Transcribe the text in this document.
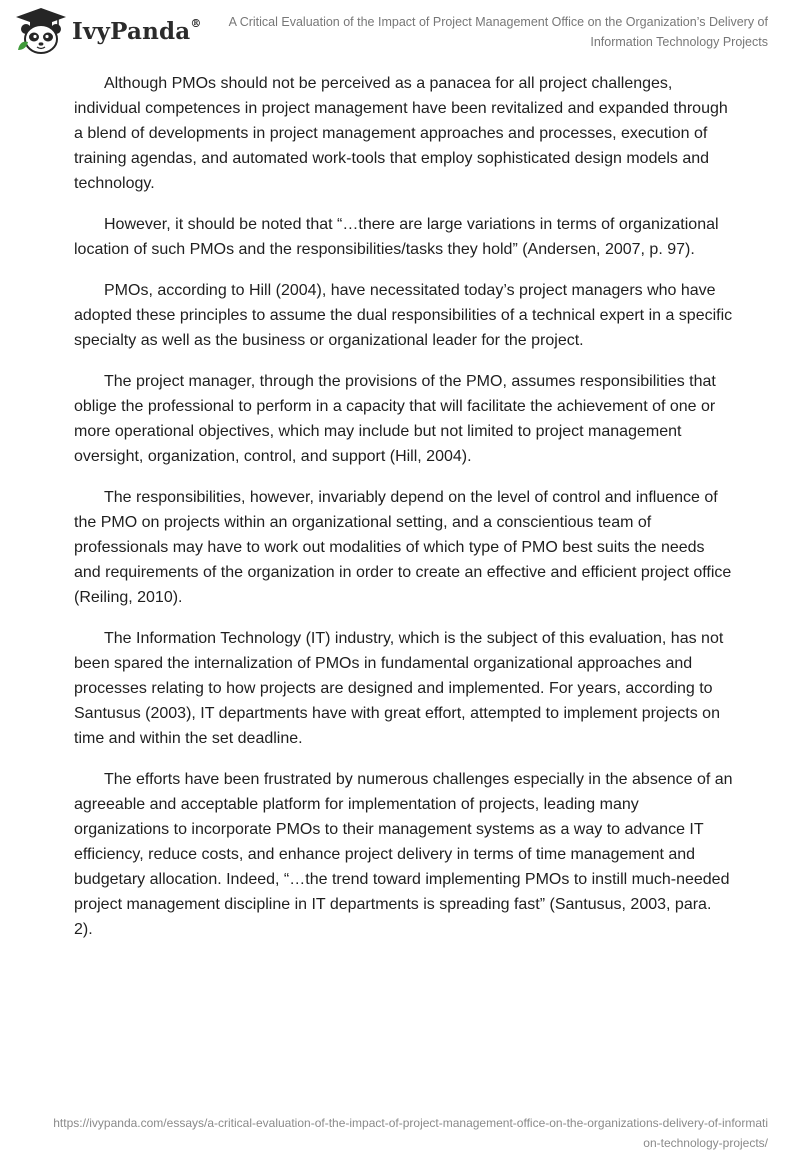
IvyPanda®	A Critical Evaluation of the Impact of Project Management Office on the Organization’s Delivery of Information Technology Projects

Although PMOs should not be perceived as a panacea for all project challenges, individual competences in project management have been revitalized and expanded through a blend of developments in project management approaches and processes, execution of training agendas, and automated work-tools that employ sophisticated design models and technology.

However, it should be noted that “…there are large variations in terms of organizational location of such PMOs and the responsibilities/tasks they hold” (Andersen, 2007, p. 97).

PMOs, according to Hill (2004), have necessitated today’s project managers who have adopted these principles to assume the dual responsibilities of a technical expert in a specific specialty as well as the business or organizational leader for the project.

The project manager, through the provisions of the PMO, assumes responsibilities that oblige the professional to perform in a capacity that will facilitate the achievement of one or more operational objectives, which may include but not limited to project management oversight, organization, control, and support (Hill, 2004).

The responsibilities, however, invariably depend on the level of control and influence of the PMO on projects within an organizational setting, and a conscientious team of professionals may have to work out modalities of which type of PMO best suits the needs and requirements of the organization in order to create an effective and efficient project office (Reiling, 2010).

The Information Technology (IT) industry, which is the subject of this evaluation, has not been spared the internalization of PMOs in fundamental organizational approaches and processes relating to how projects are designed and implemented. For years, according to Santusus (2003), IT departments have with great effort, attempted to implement projects on time and within the set deadline.

The efforts have been frustrated by numerous challenges especially in the absence of an agreeable and acceptable platform for implementation of projects, leading many organizations to incorporate PMOs to their management systems as a way to advance IT efficiency, reduce costs, and enhance project delivery in terms of time management and budgetary allocation. Indeed, “…the trend toward implementing PMOs to instill much-needed project management discipline in IT departments is spreading fast” (Santusus, 2003, para. 2).

https://ivypanda.com/essays/a-critical-evaluation-of-the-impact-of-project-management-office-on-the-organizations-delivery-of-information-technology-projects/
